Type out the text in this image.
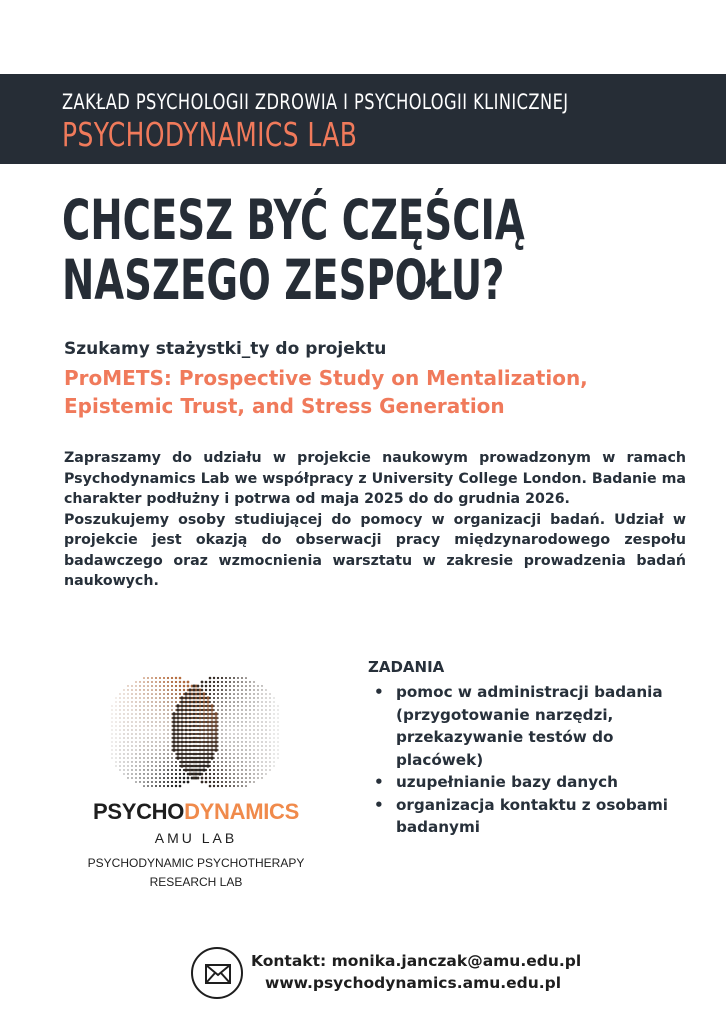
ZAKŁAD PSYCHOLOGII ZDROWIA I PSYCHOLOGII KLINICZNEJ
PSYCHODYNAMICS LAB
CHCESZ BYĆ CZĘŚCIĄ
NASZEGO ZESPOŁU?
Szukamy stażystki_ty do projektu
ProMETS: Prospective Study on Mentalization,
Epistemic Trust, and Stress Generation

Zapraszamy do udziału w projekcie naukowym prowadzonym w ramach Psychodynamics Lab we współpracy z University College London. Badanie ma charakter podłużny i potrwa od maja 2025 do do grudnia 2026.

Poszukujemy osoby studiującej do pomocy w organizacji badań. Udział w projekcie jest okazją do obserwacji pracy międzynarodowego zespołu badawczego oraz wzmocnienia warsztatu w zakresie prowadzenia badań naukowych.

PSYCHODYNAMICS
AMU LAB
PSYCHODYNAMIC PSYCHOTHERAPY
RESEARCH LAB
ZADANIA
• pomoc w administracji badania (przygotowanie narzędzi, przekazywanie testów do placówek)
• uzupełnianie bazy danych
• organizacja kontaktu z osobami badanymi
Kontakt: monika.janczak@amu.edu.pl
www.psychodynamics.amu.edu.pl
